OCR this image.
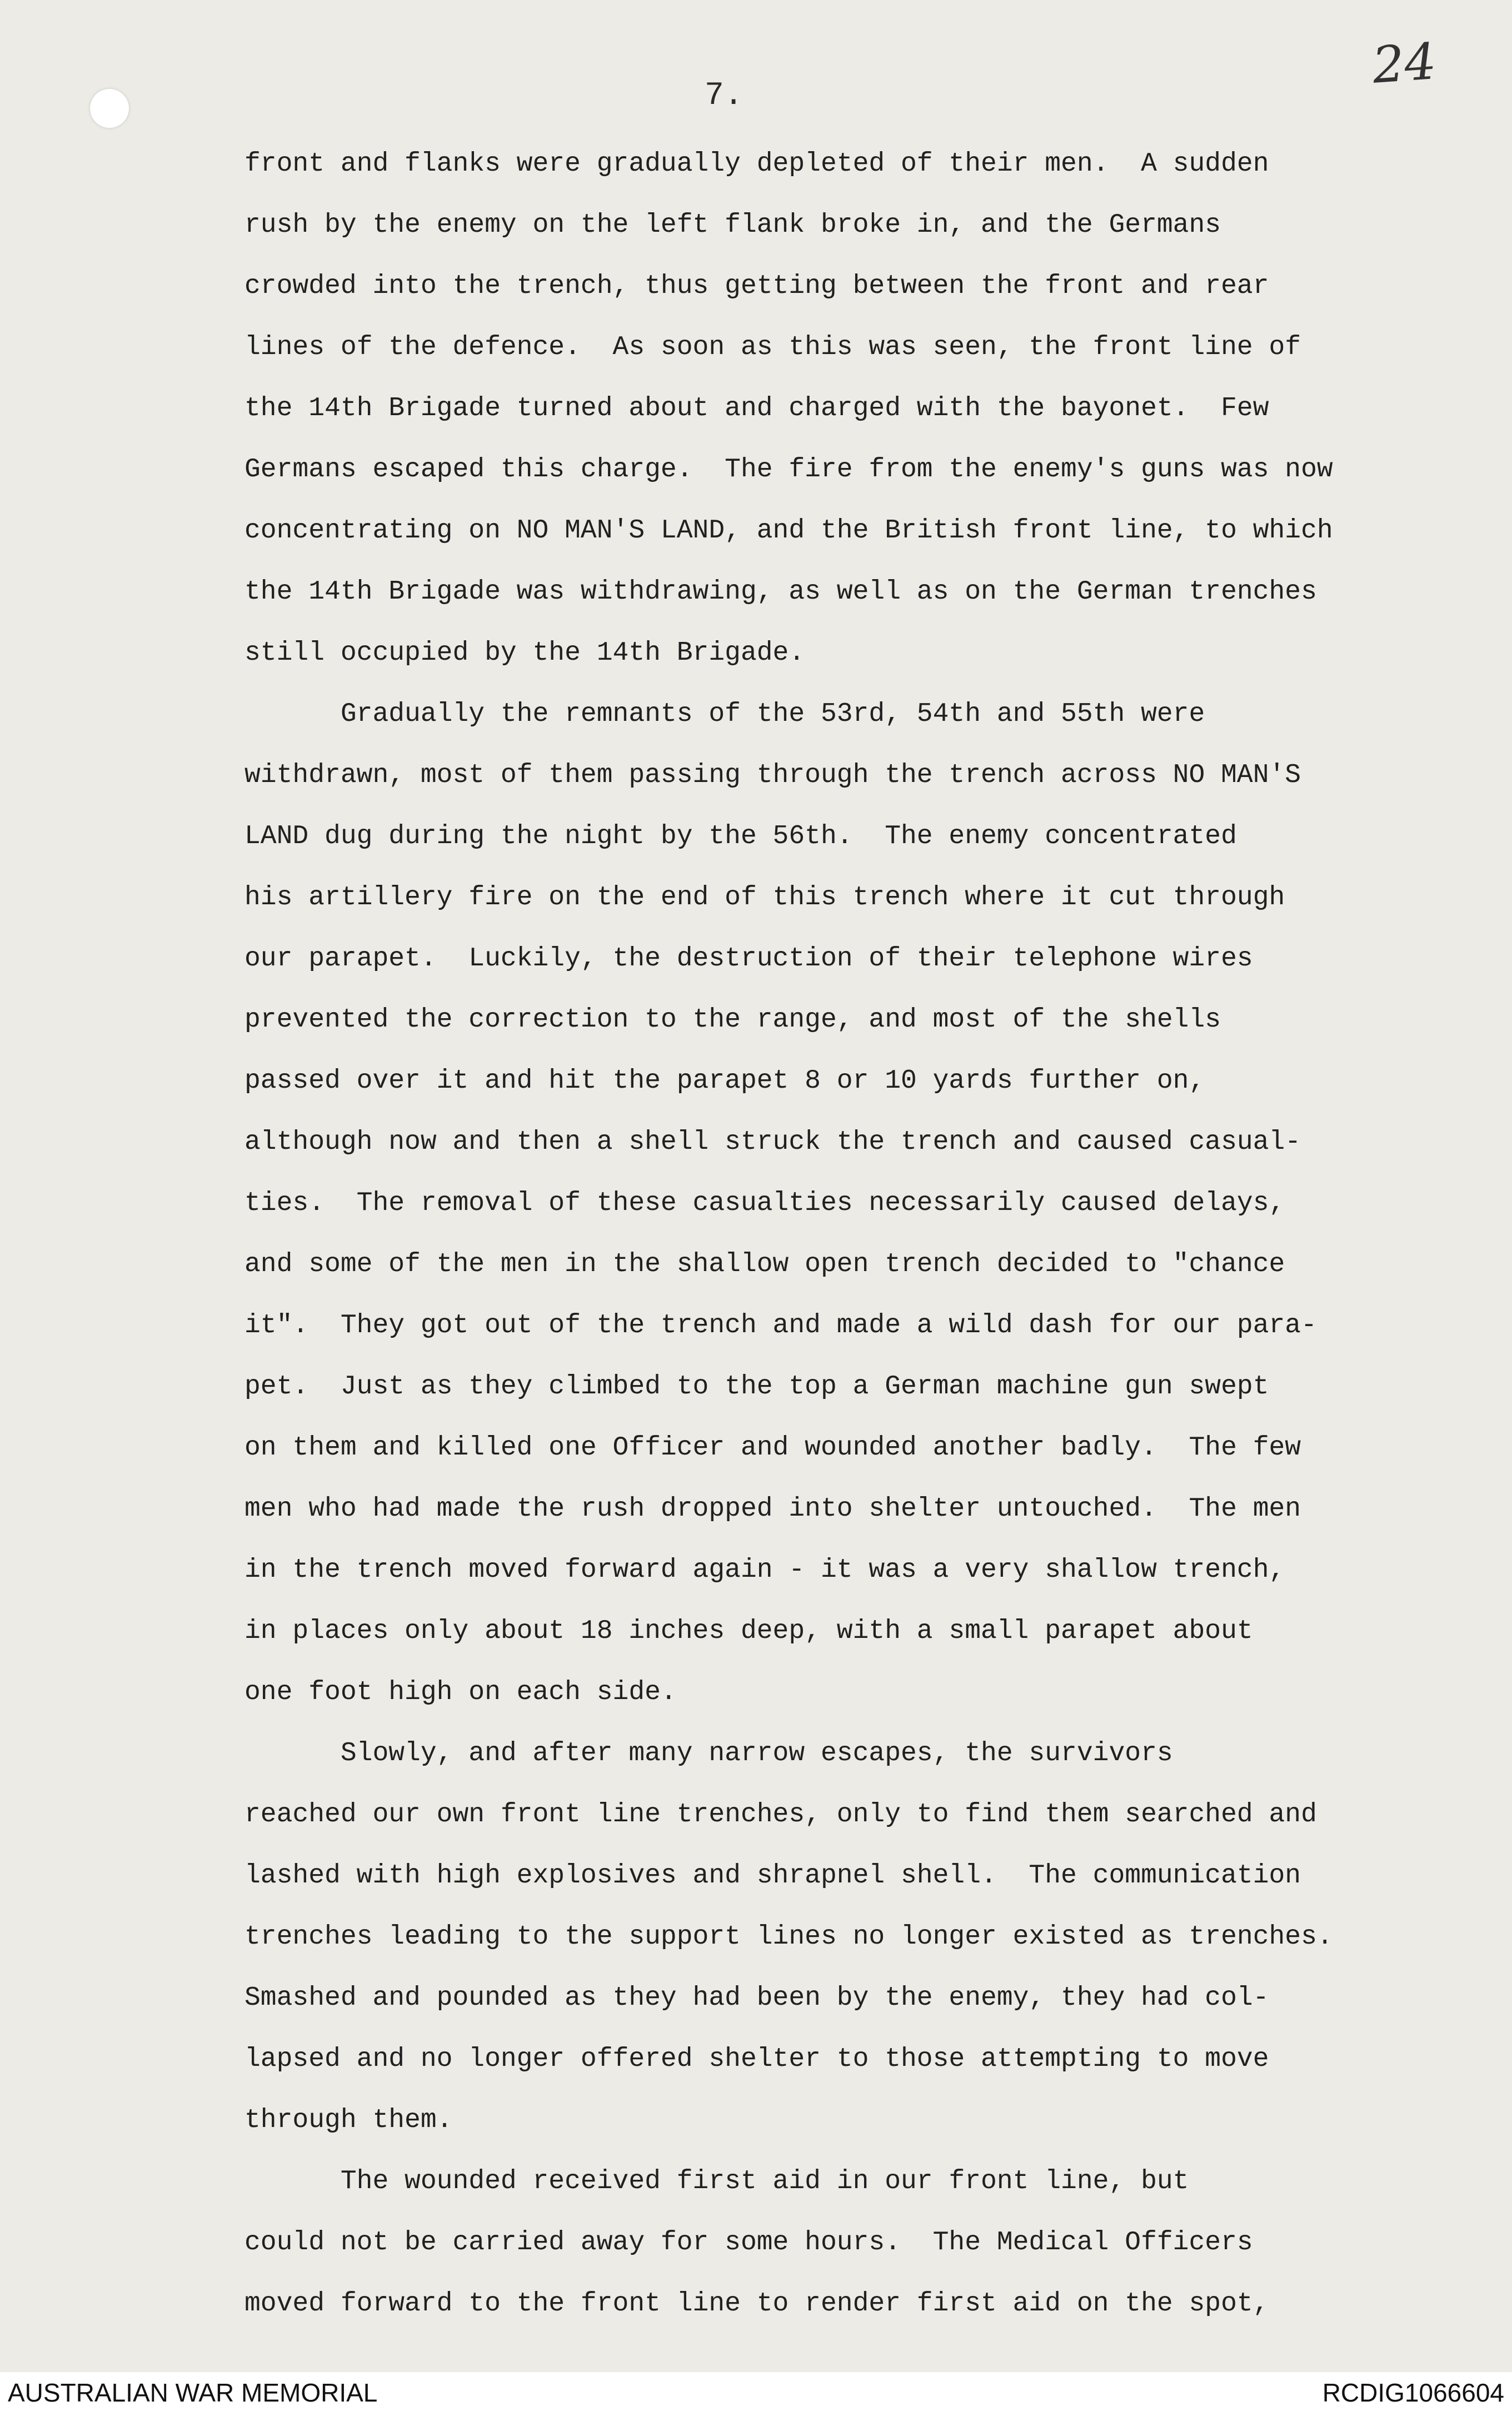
7.
24
front and flanks were gradually depleted of their men.  A sudden
rush by the enemy on the left flank broke in, and the Germans
crowded into the trench, thus getting between the front and rear
lines of the defence.  As soon as this was seen, the front line of
the 14th Brigade turned about and charged with the bayonet.  Few
Germans escaped this charge.  The fire from the enemy's guns was now
concentrating on NO MAN'S LAND, and the British front line, to which
the 14th Brigade was withdrawing, as well as on the German trenches
still occupied by the 14th Brigade.
Gradually the remnants of the 53rd, 54th and 55th were
withdrawn, most of them passing through the trench across NO MAN'S
LAND dug during the night by the 56th.  The enemy concentrated
his artillery fire on the end of this trench where it cut through
our parapet.  Luckily, the destruction of their telephone wires
prevented the correction to the range, and most of the shells
passed over it and hit the parapet 8 or 10 yards further on,
although now and then a shell struck the trench and caused casual-
ties.  The removal of these casualties necessarily caused delays,
and some of the men in the shallow open trench decided to "chance
it".  They got out of the trench and made a wild dash for our para-
pet.  Just as they climbed to the top a German machine gun swept
on them and killed one Officer and wounded another badly.  The few
men who had made the rush dropped into shelter untouched.  The men
in the trench moved forward again - it was a very shallow trench,
in places only about 18 inches deep, with a small parapet about
one foot high on each side.
Slowly, and after many narrow escapes, the survivors
reached our own front line trenches, only to find them searched and
lashed with high explosives and shrapnel shell.  The communication
trenches leading to the support lines no longer existed as trenches.
Smashed and pounded as they had been by the enemy, they had col-
lapsed and no longer offered shelter to those attempting to move
through them.
The wounded received first aid in our front line, but
could not be carried away for some hours.  The Medical Officers
moved forward to the front line to render first aid on the spot,
AUSTRALIAN WAR MEMORIAL	RCDIG1066604
